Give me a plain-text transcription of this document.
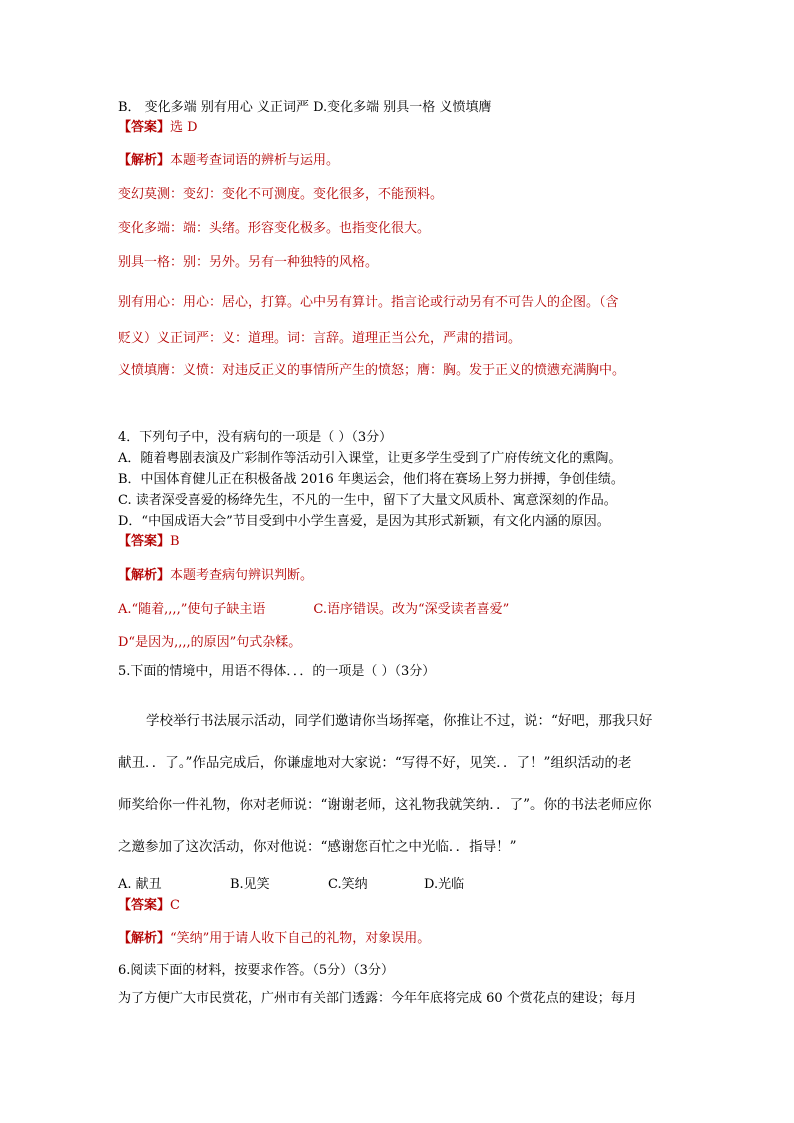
B． 变化多端 别有用心 义正词严 D.变化多端 别具一格 义愤填膺
【答案】选 D
【解析】本题考查词语的辨析与运用。
变幻莫测：变幻：变化不可测度。变化很多，不能预料。
变化多端：端：头绪。形容变化极多。也指变化很大。
别具一格：别：另外。另有一种独特的风格。
别有用心：用心：居心，打算。心中另有算计。指言论或行动另有不可告人的企图。（含
贬义）义正词严：义：道理。词：言辞。道理正当公允，严肃的措词。
义愤填膺：义愤：对违反正义的事情所产生的愤怒；膺：胸。发于正义的愤懑充满胸中。
4．下列句子中，没有病句的一项是（ ）（3分）
A．随着粤剧表演及广彩制作等活动引入课堂，让更多学生受到了广府传统文化的熏陶。
B．中国体育健儿正在积极备战 2016 年奥运会，他们将在赛场上努力拼搏，争创佳绩。
C. 读者深受喜爱的杨绛先生，不凡的一生中，留下了大量文风质朴、寓意深刻的作品。
D．“中国成语大会”节目受到中小学生喜爱，是因为其形式新颖，有文化内涵的原因。
【答案】B
【解析】本题考查病句辨识判断。
A.“随着,,,,”使句子缺主语	C.语序错误。改为“深受读者喜爱”
D“是因为,,,,的原因”句式杂糅。
5.下面的情境中，用语不得体．．．的一项是（ ）（3分）
学校举行书法展示活动，同学们邀请你当场挥毫，你推让不过，说：“好吧，那我只好
献丑．．了。”作品完成后，你谦虚地对大家说：“写得不好，见笑．．了！”组织活动的老
师奖给你一件礼物，你对老师说：“谢谢老师，这礼物我就笑纳．．了”。你的书法老师应你
之邀参加了这次活动，你对他说：“感谢您百忙之中光临．．指导！”
A. 献丑	B.见笑	C.笑纳	D.光临
【答案】C
【解析】“笑纳”用于请人收下自己的礼物，对象误用。
6.阅读下面的材料，按要求作答。（5分）（3分）
为了方便广大市民赏花，广州市有关部门透露：今年年底将完成 60 个赏花点的建设；每月
